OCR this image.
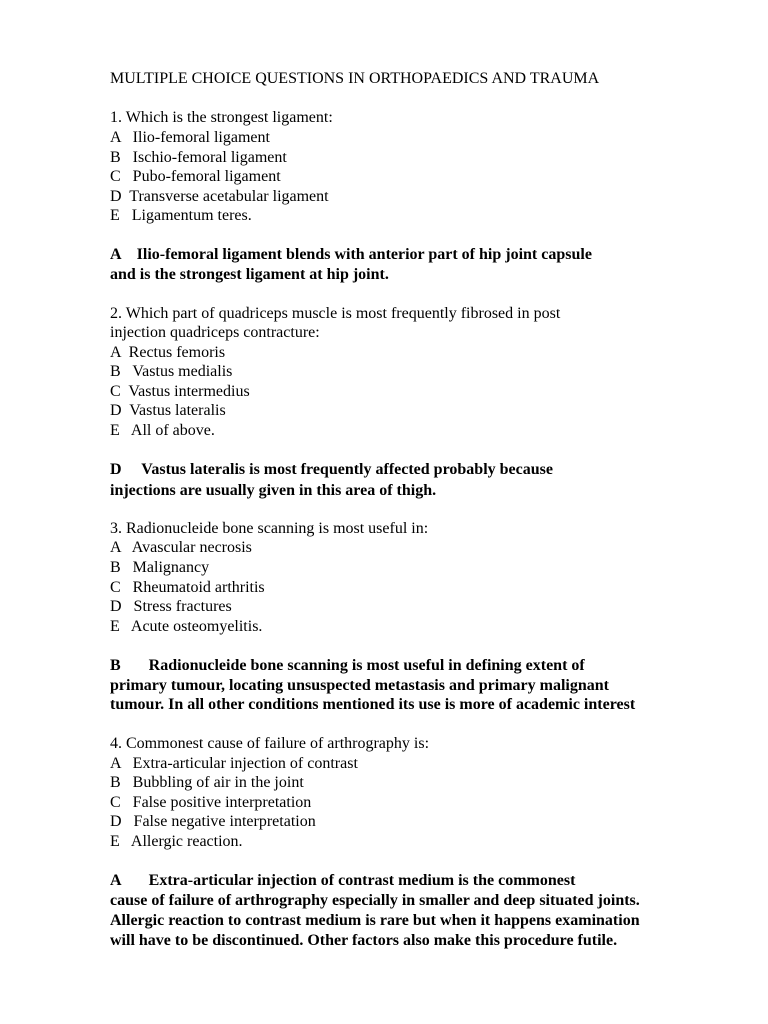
MULTIPLE CHOICE QUESTIONS IN ORTHOPAEDICS AND TRAUMA
1. Which is the strongest ligament:
A   Ilio-femoral ligament
B   Ischio-femoral ligament
C   Pubo-femoral ligament
D  Transverse acetabular ligament
E   Ligamentum teres.
A    Ilio-femoral ligament blends with anterior part of hip joint capsule
and is the strongest ligament at hip joint.
2. Which part of quadriceps muscle is most frequently fibrosed in post
injection quadriceps contracture:
A  Rectus femoris
B   Vastus medialis
C  Vastus intermedius
D  Vastus lateralis
E   All of above.
D     Vastus lateralis is most frequently affected probably because
injections are usually given in this area of thigh.
3. Radionucleide bone scanning is most useful in:
A   Avascular necrosis
B   Malignancy
C   Rheumatoid arthritis
D   Stress fractures
E   Acute osteomyelitis.
B       Radionucleide bone scanning is most useful in defining extent of
primary tumour, locating unsuspected metastasis and primary malignant
tumour. In all other conditions mentioned its use is more of academic interest
4. Commonest cause of failure of arthrography is:
A   Extra-articular injection of contrast
B   Bubbling of air in the joint
C   False positive interpretation
D   False negative interpretation
E   Allergic reaction.
A       Extra-articular injection of contrast medium is the commonest
cause of failure of arthrography especially in smaller and deep situated joints.
Allergic reaction to contrast medium is rare but when it happens examination
will have to be discontinued. Other factors also make this procedure futile.
